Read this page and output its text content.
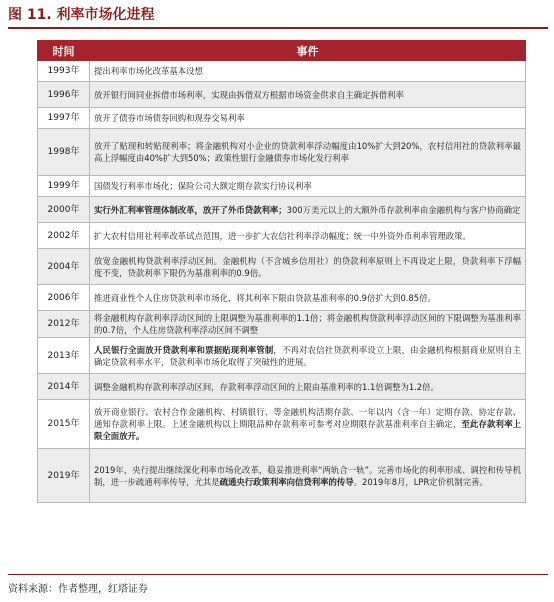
图 11. 利率市场化进程
时间	事件
1993年	提出利率市场化改革基本设想
1996年	放开银行间同业拆借市场利率，实现由拆借双方根据市场资金供求自主确定拆借利率
1997年	放开了债券市场债券回购和现券交易利率
1998年	放开了贴现和转贴现利率；将金融机构对小企业的贷款利率浮动幅度由10%扩大到20%，农村信用社的贷款利率最高上浮幅度由40%扩大到50%；政策性银行金融债券市场化发行利率
1999年	国债发行利率市场化；保险公司大额定期存款实行协议利率
2000年	实行外汇利率管理体制改革，放开了外币贷款利率；300万美元以上的大额外币存款利率由金融机构与客户协商确定
2002年	扩大农村信用社利率改革试点范围，进一步扩大农信社利率浮动幅度；统一中外资外币利率管理政策。
2004年	放宽金融机构贷款利率浮动区间。金融机构（不含城乡信用社）的贷款利率原则上不再设定上限，贷款利率下浮幅度不变，贷款利率下限仍为基准利率的0.9倍。
2006年	推进商业性个人住房贷款利率市场化，将其利率下限由贷款基准利率的0.9倍扩大到0.85倍。
2012年	将金融机构存款利率浮动区间的上限调整为基准利率的1.1倍；将金融机构贷款利率浮动区间的下限调整为基准利率的0.7倍，个人住房贷款利率浮动区间不调整
2013年	人民银行全面放开贷款利率和票据贴现利率管制，不再对农信社贷款利率设立上限，由金融机构根据商业原则自主确定贷款利率水平，贷款利率市场化取得了突破性的进展。
2014年	调整金融机构存款利率浮动区间，存款利率浮动区间的上限由基准利率的1.1倍调整为1.2倍。
2015年	放开商业银行、农村合作金融机构、村镇银行、等金融机构活期存款、一年以内（含一年）定期存款、协定存款、通知存款利率上限。上述金融机构以上期限品种存款利率可参考对应期限存款基准利率自主确定，至此存款利率上限全面放开。
2019年	2019年，央行提出继续深化利率市场化改革，稳妥推进利率“两轨合一轨”。完善市场化的利率形成、调控和传导机制，进一步疏通利率传导，尤其是疏通央行政策利率向信贷利率的传导。2019年8月，LPR定价机制完善。
资料来源：作者整理，红塔证券
